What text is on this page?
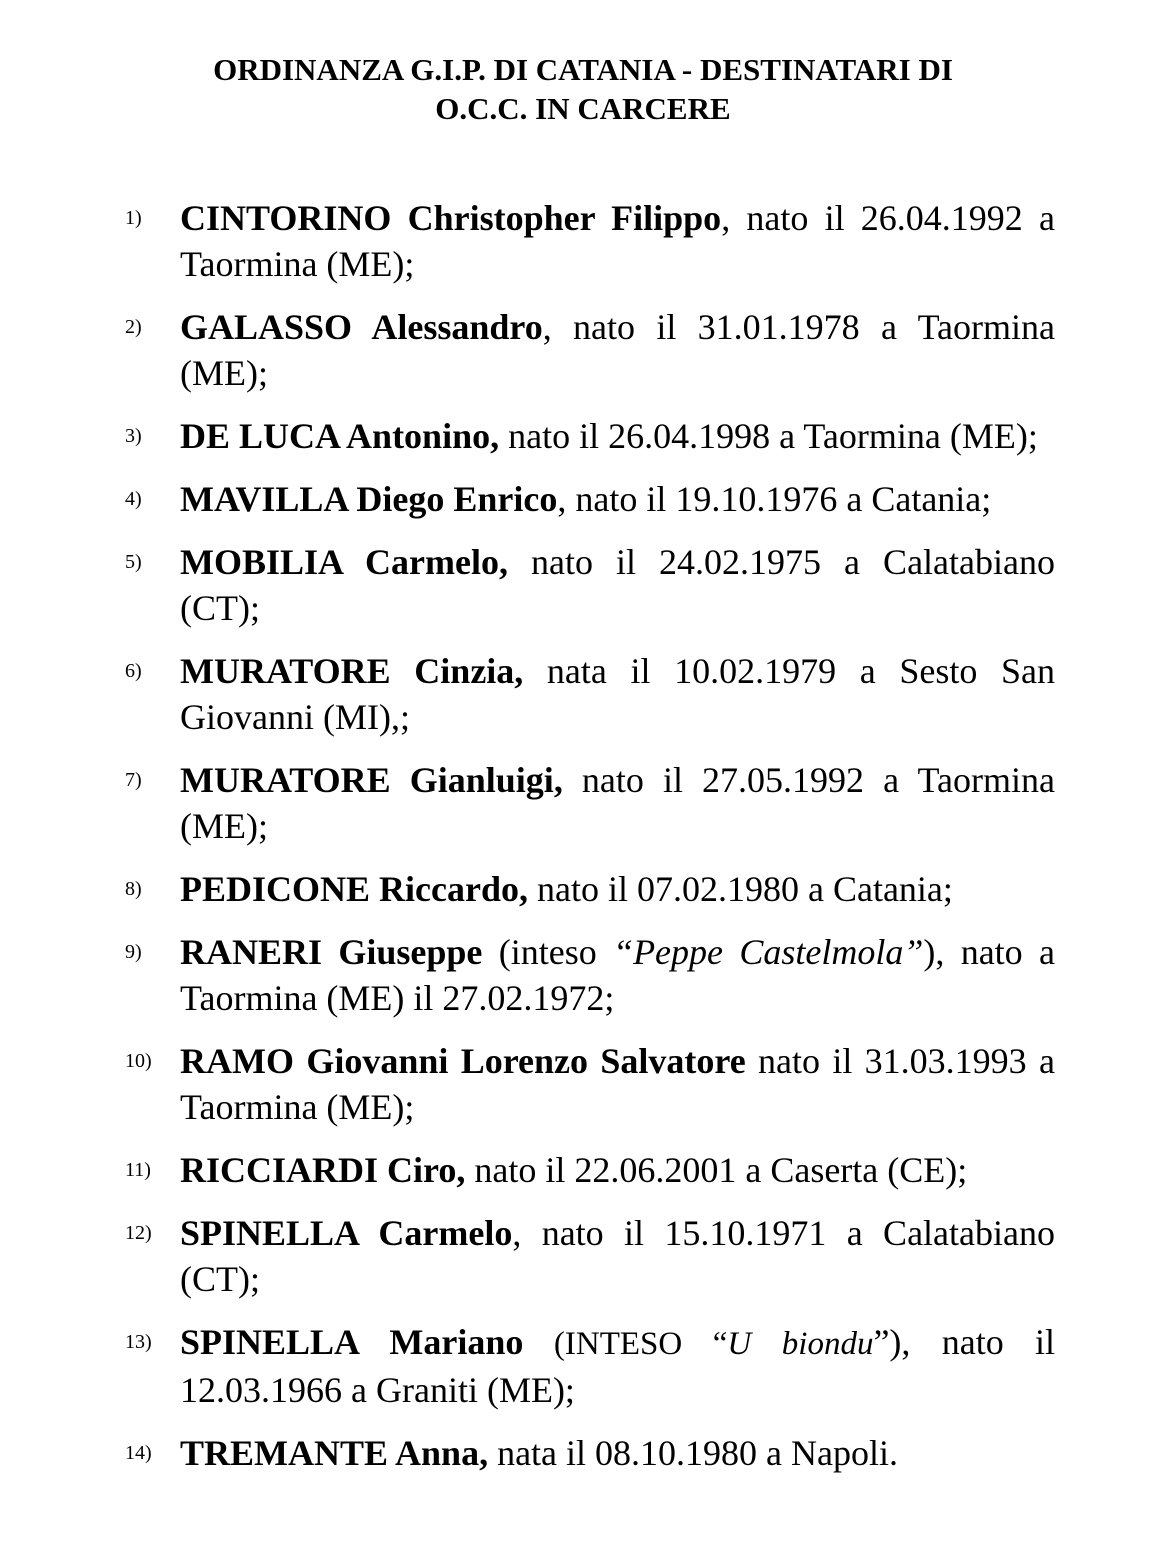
ORDINANZA G.I.P. DI CATANIA - DESTINATARI DI
O.C.C. IN CARCERE
1) CINTORINO Christopher Filippo, nato il 26.04.1992 a Taormina (ME);
2) GALASSO Alessandro, nato il 31.01.1978 a Taormina (ME);
3) DE LUCA Antonino, nato il 26.04.1998 a Taormina (ME);
4) MAVILLA Diego Enrico, nato il 19.10.1976 a Catania;
5) MOBILIA Carmelo, nato il 24.02.1975 a Calatabiano (CT);
6) MURATORE Cinzia, nata il 10.02.1979 a Sesto San Giovanni (MI),;
7) MURATORE Gianluigi, nato il 27.05.1992 a Taormina (ME);
8) PEDICONE Riccardo, nato il 07.02.1980 a Catania;
9) RANERI Giuseppe (inteso “Peppe Castelmola”), nato a Taormina (ME) il 27.02.1972;
10) RAMO Giovanni Lorenzo Salvatore nato il 31.03.1993 a Taormina (ME);
11) RICCIARDI Ciro, nato il 22.06.2001 a Caserta (CE);
12) SPINELLA Carmelo, nato il 15.10.1971 a Calatabiano (CT);
13) SPINELLA Mariano (INTESO “U biondu”), nato il 12.03.1966 a Graniti (ME);
14) TREMANTE Anna, nata il 08.10.1980 a Napoli.
